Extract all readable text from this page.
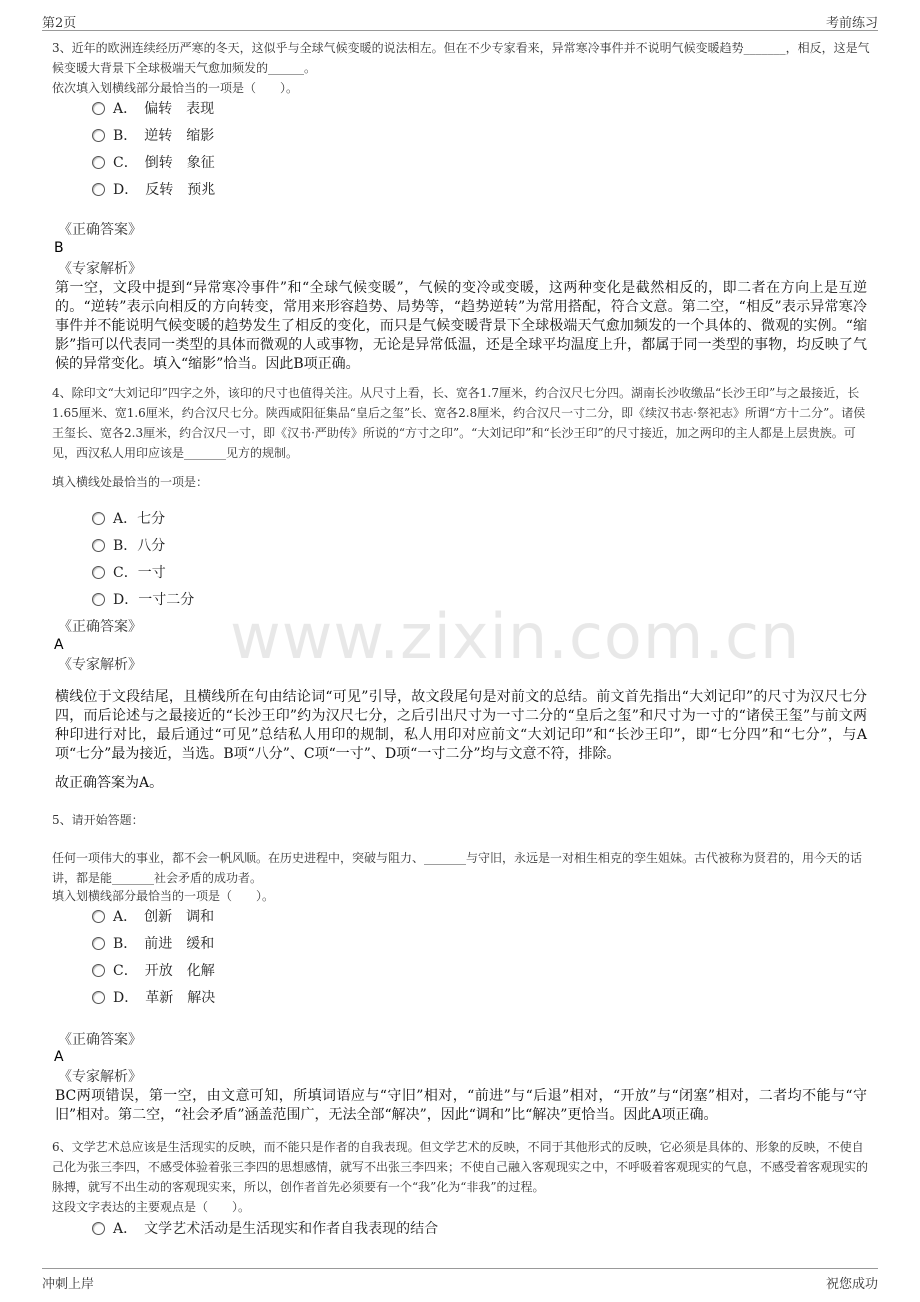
第2页	考前练习
www.zixin.com.cn
3、近年的欧洲连续经历严寒的冬天，这似乎与全球气候变暖的说法相左。但在不少专家看来，异常寒冷事件并不说明气候变暖趋势_______，相反，这是气候变暖大背景下全球极端天气愈加频发的______。
依次填入划横线部分最恰当的一项是（　　）。
A．　偏转　表现
B．　逆转　缩影
C．　倒转　象征
D．　反转　预兆
《正确答案》
B
《专家解析》
第一空，文段中提到“异常寒冷事件”和“全球气候变暖”，气候的变冷或变暖，这两种变化是截然相反的，即二者在方向上是互逆的。“逆转”表示向相反的方向转变，常用来形容趋势、局势等，“趋势逆转”为常用搭配，符合文意。第二空，“相反”表示异常寒冷事件并不能说明气候变暖的趋势发生了相反的变化，而只是气候变暖背景下全球极端天气愈加频发的一个具体的、微观的实例。“缩影”指可以代表同一类型的具体而微观的人或事物，无论是异常低温，还是全球平均温度上升，都属于同一类型的事物，均反映了气候的异常变化。填入“缩影”恰当。因此B项正确。
4、除印文“大刘记印”四字之外，该印的尺寸也值得关注。从尺寸上看，长、宽各1.7厘米，约合汉尺七分四。湖南长沙收缴品“长沙王印”与之最接近，长1.65厘米、宽1.6厘米，约合汉尺七分。陕西咸阳征集品“皇后之玺”长、宽各2.8厘米，约合汉尺一寸二分，即《续汉书志·祭祀志》所谓“方十二分”。诸侯王玺长、宽各2.3厘米，约合汉尺一寸，即《汉书·严助传》所说的“方寸之印”。“大刘记印”和“长沙王印”的尺寸接近，加之两印的主人都是上层贵族。可见，西汉私人用印应该是_______见方的规制。
填入横线处最恰当的一项是：
A．七分
B．八分
C．一寸
D．一寸二分
《正确答案》
A
《专家解析》
横线位于文段结尾，且横线所在句由结论词“可见”引导，故文段尾句是对前文的总结。前文首先指出“大刘记印”的尺寸为汉尺七分四，而后论述与之最接近的“长沙王印”约为汉尺七分，之后引出尺寸为一寸二分的“皇后之玺”和尺寸为一寸的“诸侯王玺”与前文两种印进行对比，最后通过“可见”总结私人用印的规制，私人用印对应前文“大刘记印”和“长沙王印”，即“七分四”和“七分”，与A项“七分”最为接近，当选。B项“八分”、C项“一寸”、D项“一寸二分”均与文意不符，排除。
故正确答案为A。
5、请开始答题：
任何一项伟大的事业，都不会一帆风顺。在历史进程中，突破与阻力、_______与守旧，永远是一对相生相克的孪生姐妹。古代被称为贤君的，用今天的话讲，都是能_______社会矛盾的成功者。
填入划横线部分最恰当的一项是（　　）。
A．　创新　调和
B．　前进　缓和
C．　开放　化解
D．　革新　解决
《正确答案》
A
《专家解析》
BC两项错误，第一空，由文意可知，所填词语应与“守旧”相对，“前进”与“后退”相对，“开放”与“闭塞”相对，二者均不能与“守旧”相对。第二空，“社会矛盾”涵盖范围广，无法全部“解决”，因此“调和”比“解决”更恰当。因此A项正确。
6、文学艺术总应该是生活现实的反映，而不能只是作者的自我表现。但文学艺术的反映，不同于其他形式的反映，它必须是具体的、形象的反映，不使自己化为张三李四，不感受体验着张三李四的思想感情，就写不出张三李四来；不使自己融入客观现实之中，不呼吸着客观现实的气息，不感受着客观现实的脉搏，就写不出生动的客观现实来，所以，创作者首先必须要有一个“我”化为“非我”的过程。
这段文字表达的主要观点是（　　）。
A．　文学艺术活动是生活现实和作者自我表现的结合
冲刺上岸	祝您成功
